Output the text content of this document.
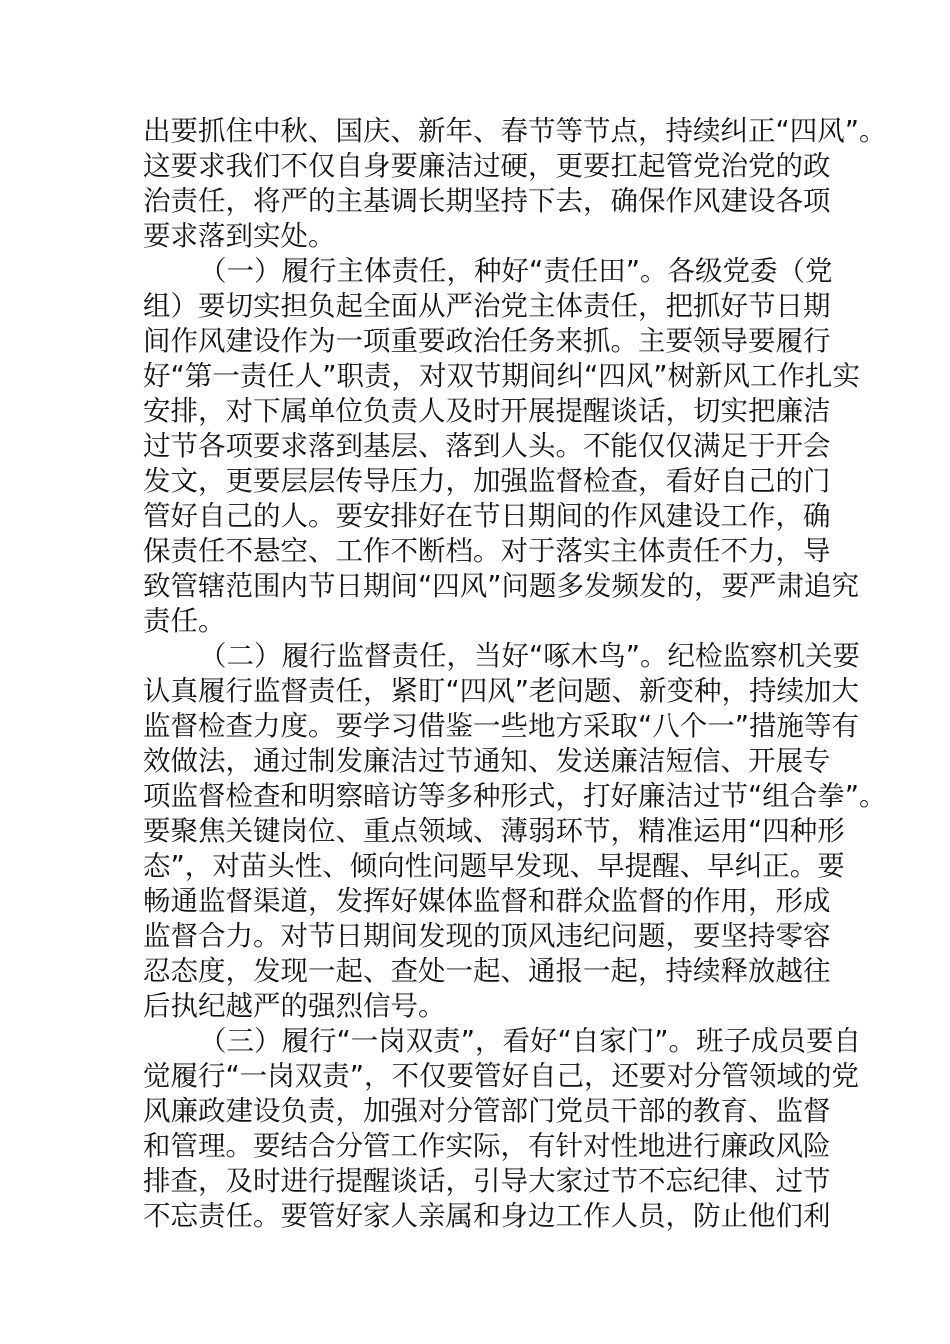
出要抓住中秋、国庆、新年、春节等节点，持续纠正“四风”。
这要求我们不仅自身要廉洁过硬，更要扛起管党治党的政
治责任，将严的主基调长期坚持下去，确保作风建设各项
要求落到实处。
（一）履行主体责任，种好“责任田”。各级党委（党
组）要切实担负起全面从严治党主体责任，把抓好节日期
间作风建设作为一项重要政治任务来抓。主要领导要履行
好“第一责任人”职责，对双节期间纠“四风”树新风工作扎实
安排，对下属单位负责人及时开展提醒谈话，切实把廉洁
过节各项要求落到基层、落到人头。不能仅仅满足于开会
发文，更要层层传导压力，加强监督检查，看好自己的门
管好自己的人。要安排好在节日期间的作风建设工作，确
保责任不悬空、工作不断档。对于落实主体责任不力，导
致管辖范围内节日期间“四风”问题多发频发的，要严肃追究
责任。
（二）履行监督责任，当好“啄木鸟”。纪检监察机关要
认真履行监督责任，紧盯“四风”老问题、新变种，持续加大
监督检查力度。要学习借鉴一些地方采取“八个一”措施等有
效做法，通过制发廉洁过节通知、发送廉洁短信、开展专
项监督检查和明察暗访等多种形式，打好廉洁过节“组合拳”。
要聚焦关键岗位、重点领域、薄弱环节，精准运用“四种形
态”，对苗头性、倾向性问题早发现、早提醒、早纠正。要
畅通监督渠道，发挥好媒体监督和群众监督的作用，形成
监督合力。对节日期间发现的顶风违纪问题，要坚持零容
忍态度，发现一起、查处一起、通报一起，持续释放越往
后执纪越严的强烈信号。
（三）履行“一岗双责”，看好“自家门”。班子成员要自
觉履行“一岗双责”，不仅要管好自己，还要对分管领域的党
风廉政建设负责，加强对分管部门党员干部的教育、监督
和管理。要结合分管工作实际，有针对性地进行廉政风险
排查，及时进行提醒谈话，引导大家过节不忘纪律、过节
不忘责任。要管好家人亲属和身边工作人员，防止他们利
